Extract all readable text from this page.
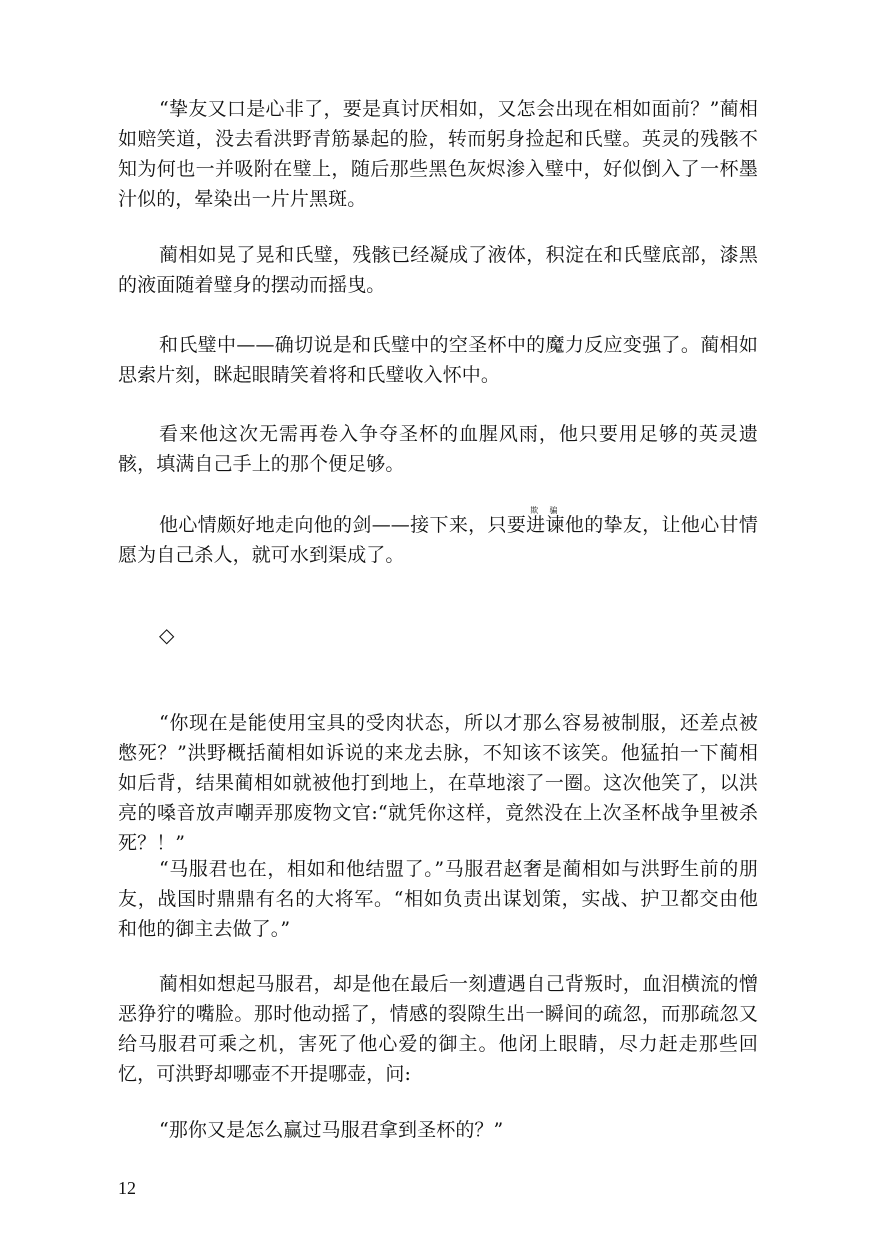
“挚友又口是心非了，要是真讨厌相如，又怎会出现在相如面前？”蔺相如赔笑道，没去看洪野青筋暴起的脸，转而躬身捡起和氏璧。英灵的残骸不知为何也一并吸附在璧上，随后那些黑色灰烬渗入璧中，好似倒入了一杯墨汁似的，晕染出一片片黑斑。

蔺相如晃了晃和氏璧，残骸已经凝成了液体，积淀在和氏璧底部，漆黑的液面随着璧身的摆动而摇曳。

和氏璧中——确切说是和氏璧中的空圣杯中的魔力反应变强了。蔺相如思索片刻，眯起眼睛笑着将和氏璧收入怀中。

看来他这次无需再卷入争夺圣杯的血腥风雨，他只要用足够的英灵遗骸，填满自己手上的那个便足够。

他心情颇好地走向他的剑——接下来，只要进谏欺骗他的挚友，让他心甘情愿为自己杀人，就可水到渠成了。

◇

“你现在是能使用宝具的受肉状态，所以才那么容易被制服，还差点被憋死？”洪野概括蔺相如诉说的来龙去脉，不知该不该笑。他猛拍一下蔺相如后背，结果蔺相如就被他打到地上，在草地滚了一圈。这次他笑了，以洪亮的嗓音放声嘲弄那废物文官:“就凭你这样，竟然没在上次圣杯战争里被杀死？！”

“马服君也在，相如和他结盟了。”马服君赵奢是蔺相如与洪野生前的朋友，战国时鼎鼎有名的大将军。“相如负责出谋划策，实战、护卫都交由他和他的御主去做了。”

蔺相如想起马服君，却是他在最后一刻遭遇自己背叛时，血泪横流的憎恶狰狞的嘴脸。那时他动摇了，情感的裂隙生出一瞬间的疏忽，而那疏忽又给马服君可乘之机，害死了他心爱的御主。他闭上眼睛，尽力赶走那些回忆，可洪野却哪壶不开提哪壶，问:

“那你又是怎么赢过马服君拿到圣杯的？”

12
